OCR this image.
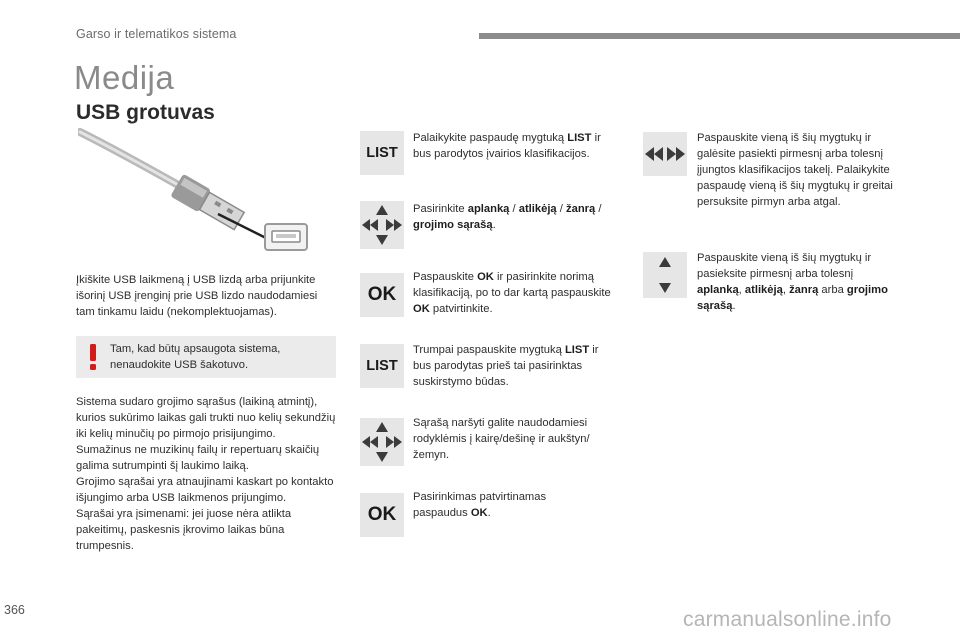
Garso ir telematikos sistema
Medija
USB grotuvas
Įkiškite USB laikmeną į USB lizdą arba prijunkite išorinį USB įrenginį prie USB lizdo naudodamiesi tam tinkamu laidu (nekomplektuojamas).
Tam, kad būtų apsaugota sistema, nenaudokite USB šakotuvo.
Sistema sudaro grojimo sąrašus (laikiną atmintį), kurios sukūrimo laikas gali trukti nuo kelių sekundžių iki kelių minučių po pirmojo prisijungimo.
Sumažinus ne muzikinų failų ir repertuarų skaičių galima sutrumpinti šį laukimo laiką.
Grojimo sąrašai yra atnaujinami kaskart po kontakto išjungimo arba USB laikmenos prijungimo.
Sąrašai yra įsimenami: jei juose nėra atlikta pakeitimų, paskesnis įkrovimo laikas būna trumpesnis.
LIST
OK
LIST
OK
Palaikykite paspaudę mygtuką LIST ir bus parodytos įvairios klasifikacijos.
Pasirinkite aplanką / atlikėją / žanrą / grojimo sąrašą.
Paspauskite OK ir pasirinkite norimą klasifikaciją, po to dar kartą paspauskite OK patvirtinkite.
Trumpai paspauskite mygtuką LIST ir bus parodytas prieš tai pasirinktas suskirstymo būdas.
Sąrašą naršyti galite naudodamiesi rodyklėmis į kairę/dešinę ir aukštyn/žemyn.
Pasirinkimas patvirtinamas paspaudus OK.
Paspauskite vieną iš šių mygtukų ir galėsite pasiekti pirmesnį arba tolesnį įjungtos klasifikacijos takelį. Palaikykite paspaudę vieną iš šių mygtukų ir greitai persuksite pirmyn arba atgal.
Paspauskite vieną iš šių mygtukų ir pasieksite pirmesnį arba tolesnį aplanką, atlikėją, žanrą arba grojimo sąrašą.
366	carmanualsonline.info
